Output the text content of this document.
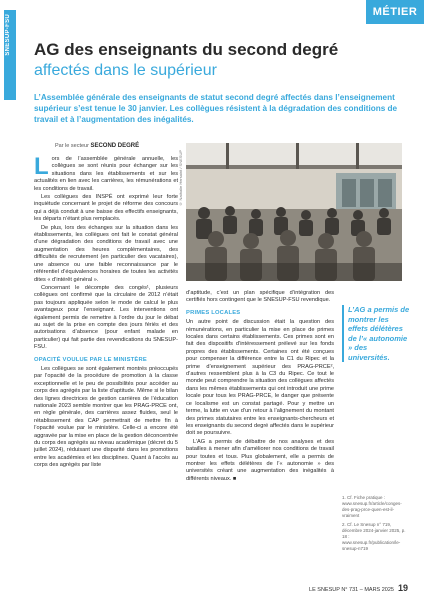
SNESUP-FSU
MÉTIER
AG des enseignants du second degré
affectés dans le supérieur

L’Assemblée générale des enseignants de statut second degré affectés dans l’enseignement supérieur s’est tenue le 30 janvier. Les collègues résistent à la dégradation des conditions de travail et à l’augmentation des inégalités.

Par le secteur SECOND DEGRÉ

Lors de l’assemblée générale annuelle, les collègues se sont réunis pour échanger sur les situations dans les établissements et sur les actualités en lien avec les carrières, les rémunérations et les conditions de travail.

Les collègues des INSPÉ ont exprimé leur forte inquiétude concernant le projet de réforme des concours qui a déjà conduit à une baisse des effectifs enseignants, les départs n’étant plus remplacés.

De plus, lors des échanges sur la situation dans les établissements, les collègues ont fait le constat général d’une dégradation des conditions de travail avec une augmentation des heures complémentaires, des difficultés de recrutement (en particulier des vacataires), une absence ou une faible reconnaissance par le référentiel d’équivalences horaires de toutes les activités dites « d’intérêt général ».

Concernant le décompte des congés¹, plusieurs collègues ont confirmé que la circulaire de 2012 n’était pas toujours appliquée selon le mode de calcul le plus avantageux pour l’enseignant. Les interventions ont également permis de remettre à l’ordre du jour le débat au sujet de la prise en compte des jours fériés et des autorisations d’absence (pour enfant malade en particulier) qui fait partie des revendications du SNESUP-FSU.

OPACITÉ VOULUE PAR LE MINISTÈRE

Les collègues se sont également montrés préoccupés par l’opacité de la procédure de promotion à la classe exceptionnelle et le peu de possibilités pour accéder au corps des agrégés par la liste d’aptitude. Même si le bilan des lignes directrices de gestion carrières de l’éducation nationale 2023 semble montrer que les PRAG-PRCE ont, en règle générale, des carrières assez fluides, seul le rétablissement des CAP permettrait de mettre fin à l’opacité voulue par le ministère. Celle-ci a encore été aggravée par la mise en place de la gestion déconcentrée du corps des agrégés au niveau académique (décret du 5 juillet 2024), réduisant une disparité dans les promotions entre les académies et les disciplines. Quant à l’accès au corps des agrégés par liste

© Nathalie Hersaint / SNESUP

d’aptitude, c’est un plan spécifique d’intégration des certifiés hors contingent que le SNESUP-FSU revendique.

PRIMES LOCALES

Un autre point de discussion était la question des rémunérations, en particulier la mise en place de primes locales dans certains établissements. Ces primes sont en fait des dispositifs d’intéressement prélevé sur les fonds propres des établissements. Certaines ont été conçues pour compenser la différence entre la C1 du Ripec et la prime d’enseignement supérieur des PRAG-PRCE², d’autres ressemblent plus à la C3 du Ripec. Ce tout le monde peut comprendre la situation des collègues affectés dans les mêmes établissements qui ont introduit une prime locale pour tous les PRAG-PRCE, le danger que présente ce localisme est un constat partagé. Pour y mettre un terme, la lutte en vue d’un retour à l’alignement du montant des primes statutaires entre les enseignants-chercheurs et les enseignants du second degré affectés dans le supérieur doit se poursuivre.

L’AG a permis de débattre de nos analyses et des batailles à mener afin d’améliorer nos conditions de travail pour toutes et tous. Plus globalement, elle a permis de montrer les effets délétères de l’« autonomie » des universités créant une augmentation des inégalités à différents niveaux. ■

L’AG a permis de montrer les effets délétères de l’« autonomie » des universités.
1. Cf. Fiche pratique : www.snesup.fr/article/conges-des-prag-prce-quen-est-il-vraiment
2. Cf. Le Snesup n° 719, décembre 2024-janvier 2025, p. 18 : www.snesup.fr/publication/le-snesup-n719
LE SNESUP N° 731 – MARS 2025 19
